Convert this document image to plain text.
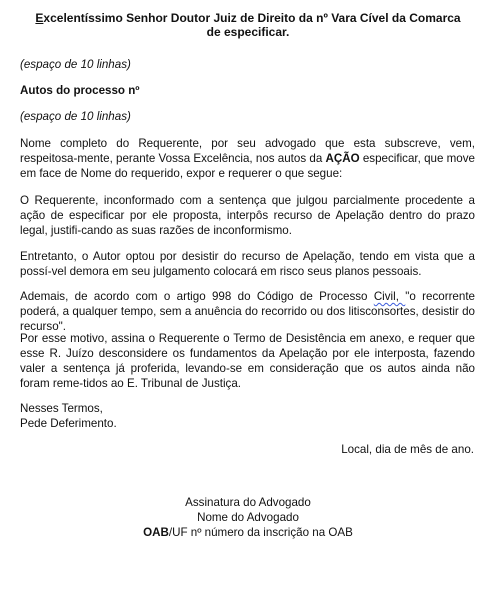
Excelentíssimo Senhor Doutor Juiz de Direito da nº Vara Cível da Comarca
de especificar.
(espaço de 10 linhas)
Autos do processo nº
(espaço de 10 linhas)
Nome completo do Requerente, por seu advogado que esta subscreve, vem, respeitosa-mente, perante Vossa Excelência, nos autos da AÇÃO especificar, que move em face de Nome do requerido, expor e requerer o que segue:
O Requerente, inconformado com a sentença que julgou parcialmente procedente a ação de especificar por ele proposta, interpôs recurso de Apelação dentro do prazo legal, justifi-cando as suas razões de inconformismo.
Entretanto, o Autor optou por desistir do recurso de Apelação, tendo em vista que a possí-vel demora em seu julgamento colocará em risco seus planos pessoais.
Ademais, de acordo com o artigo 998 do Código de Processo Civil, "o recorrente poderá, a qualquer tempo, sem a anuência do recorrido ou dos litisconsortes, desistir do recurso".
Por esse motivo, assina o Requerente o Termo de Desistência em anexo, e requer que esse R. Juízo desconsidere os fundamentos da Apelação por ele interposta, fazendo valer a sentença já proferida, levando-se em consideração que os autos ainda não foram reme-tidos ao E. Tribunal de Justiça.
Nesses Termos,
Pede Deferimento.
Local, dia de mês de ano.
Assinatura do Advogado
Nome do Advogado
OAB/UF nº número da inscrição na OAB
